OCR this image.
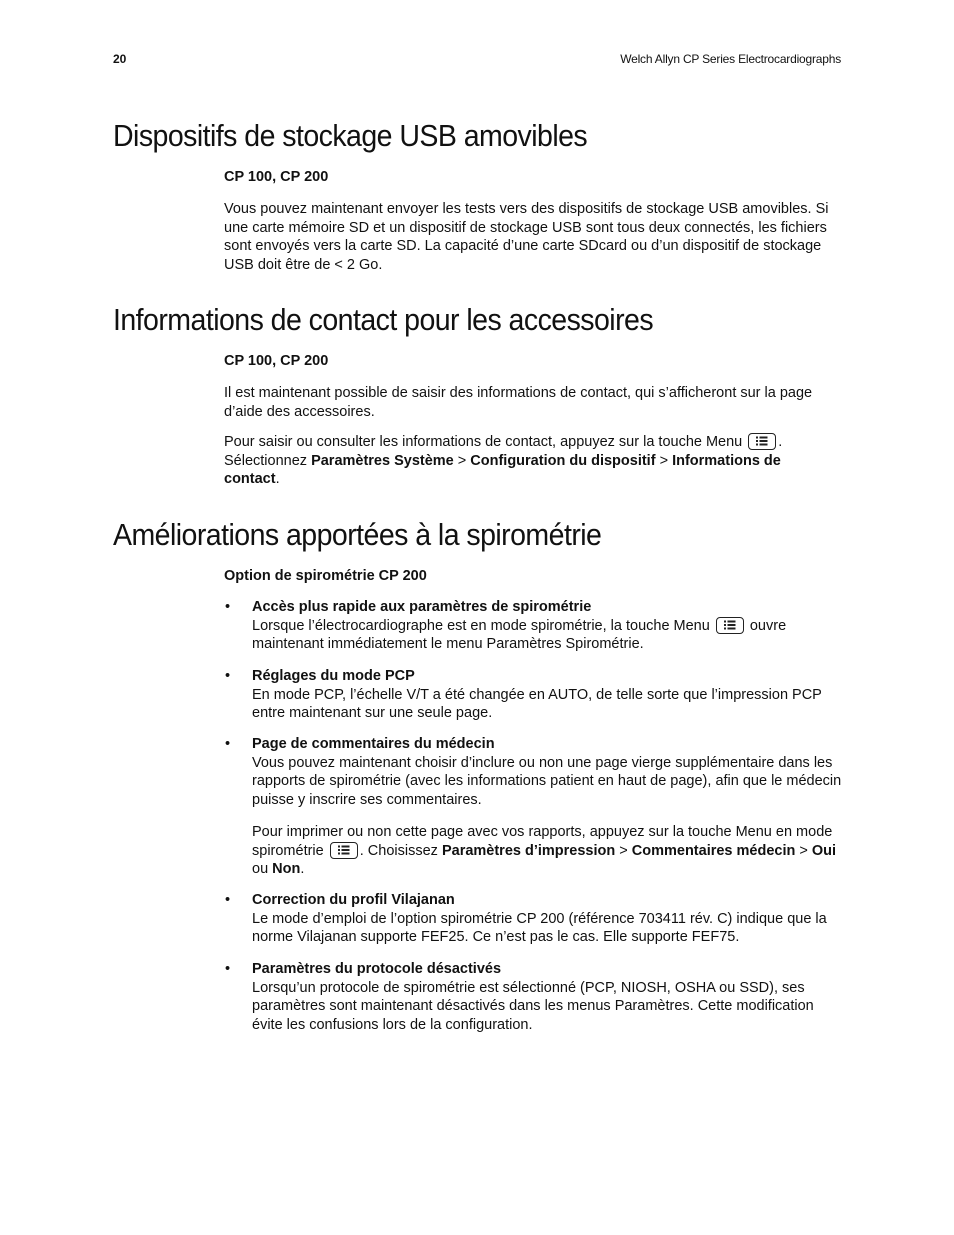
20	Welch Allyn CP Series Electrocardiographs
Dispositifs de stockage USB amovibles

CP 100, CP 200

Vous pouvez maintenant envoyer les tests vers des dispositifs de stockage USB amovibles. Si une carte mémoire SD et un dispositif de stockage USB sont tous deux connectés, les fichiers sont envoyés vers la carte SD. La capacité d’une carte SDcard ou d’un dispositif de stockage USB doit être de < 2 Go.

Informations de contact pour les accessoires

CP 100, CP 200

Il est maintenant possible de saisir des informations de contact, qui s’afficheront sur la page d’aide des accessoires.

Pour saisir ou consulter les informations de contact, appuyez sur la touche Menu
. Sélectionnez Paramètres Système > Configuration du dispositif > Informations de contact.

Améliorations apportées à la spirométrie

Option de spirométrie CP 200

• Accès plus rapide aux paramètres de spirométrie
Lorsque l’électrocardiographe est en mode spirométrie, la touche Menu
ouvre maintenant immédiatement le menu Paramètres Spirométrie.
• Réglages du mode PCP
En mode PCP, l’échelle V/T a été changée en AUTO, de telle sorte que l’impression PCP entre maintenant sur une seule page.
• Page de commentaires du médecin
Vous pouvez maintenant choisir d’inclure ou non une page vierge supplémentaire dans les rapports de spirométrie (avec les informations patient en haut de page), afin que le médecin puisse y inscrire ses commentaires.

Pour imprimer ou non cette page avec vos rapports, appuyez sur la touche Menu en mode spirométrie
. Choisissez Paramètres d’impression > Commentaires médecin > Oui ou Non.

• Correction du profil Vilajanan
Le mode d’emploi de l’option spirométrie CP 200 (référence 703411 rév. C) indique que la norme Vilajanan supporte FEF25. Ce n’est pas le cas. Elle supporte FEF75.
• Paramètres du protocole désactivés
Lorsqu’un protocole de spirométrie est sélectionné (PCP, NIOSH, OSHA ou SSD), ses paramètres sont maintenant désactivés dans les menus Paramètres. Cette modification évite les confusions lors de la configuration.
